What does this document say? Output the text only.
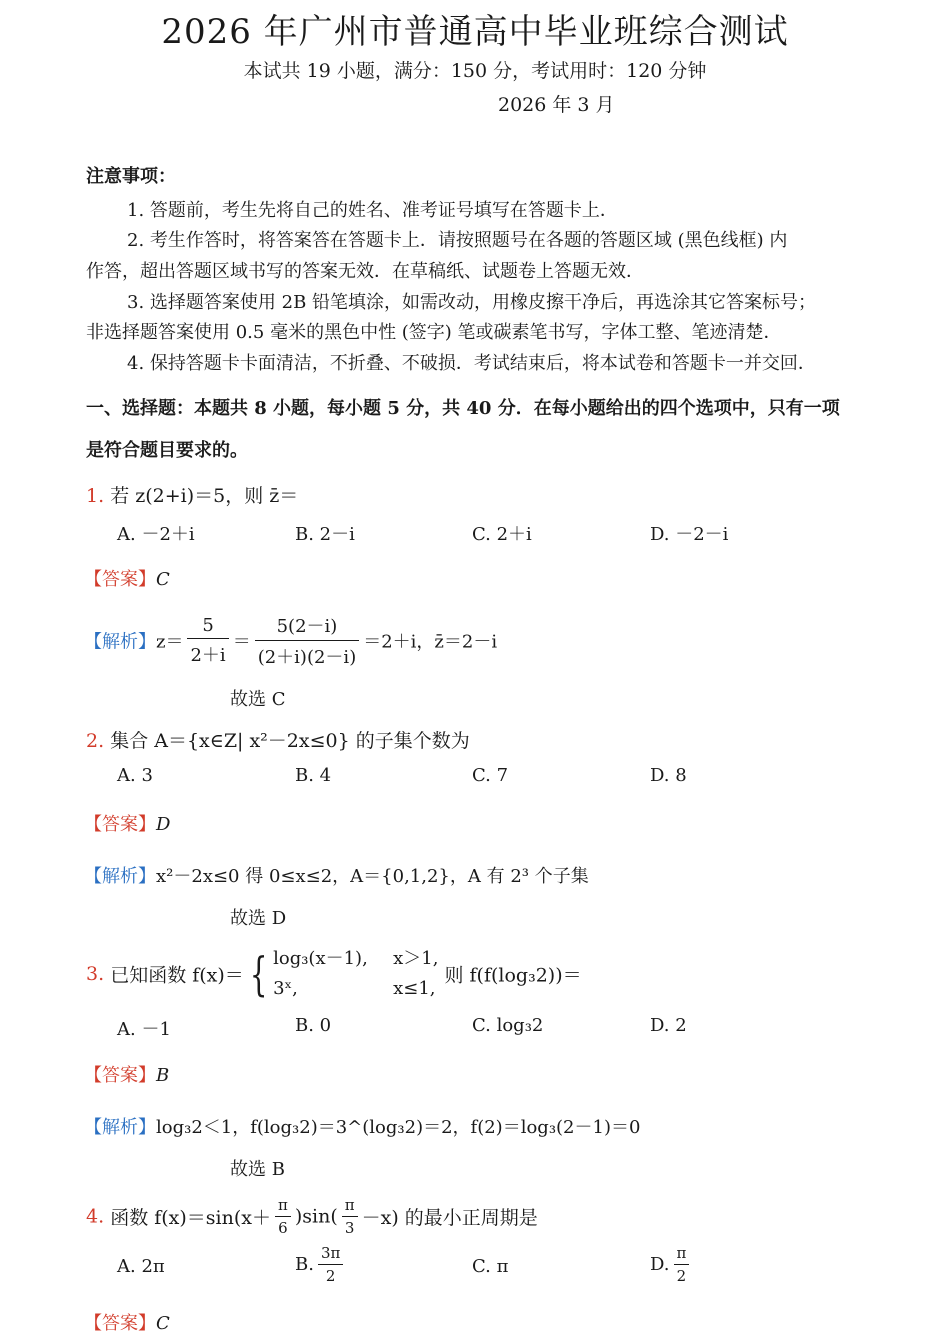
2026 年广州市普通高中毕业班综合测试
本试共 19 小题，满分：150 分，考试用时：120 分钟
2026 年 3 月
注意事项：
1. 答题前，考生先将自己的姓名、准考证号填写在答题卡上．
2. 考生作答时，将答案答在答题卡上．请按照题号在各题的答题区域 (黑色线框) 内
作答，超出答题区域书写的答案无效．在草稿纸、试题卷上答题无效．
3. 选择题答案使用 2B 铅笔填涂，如需改动，用橡皮擦干净后，再选涂其它答案标号；
非选择题答案使用 0.5 毫米的黑色中性 (签字) 笔或碳素笔书写，字体工整、笔迹清楚．
4. 保持答题卡卡面清洁，不折叠、不破损．考试结束后，将本试卷和答题卡一并交回．
一、选择题：本题共 8 小题，每小题 5 分，共 40 分．在每小题给出的四个选项中，只有一项
是符合题目要求的。
1. 若 z(2+i)＝5，则 z̄＝
A. －2＋i	B. 2－i	C. 2＋i	D. －2－i
【答案】C
【解析】$z= \frac{5}{2+i} = \frac{5(2-i)}{(2+i)(2-i)} =2+i$，z̄＝2－i
故选 C
2. 集合 A＝{x∈Z| x²－2x≤0} 的子集个数为
A. 3	B. 4	C. 7	D. 8
【答案】D
【解析】x²－2x≤0 得 0≤x≤2，A＝{0,1,2}，A 有 2³ 个子集
故选 D
3. 已知函数 f(x)＝ { log₃(x－1), x＞1,
3ˣ,	x≤1,
则 f(f(log₃2))＝
A. －1	B. 0	C. log₃2	D. 2
【答案】B
【解析】log₃2＜1，f(log₃2)＝3^(log₃2)＝2，f(2)＝log₃(2－1)＝0
故选 B
4. 函数 $f(x)=\sin(x+ \frac{\pi}{6} )\sin( \frac{\pi}{3} -x)$ 的最小正周期是
A. 2π	B. $\frac{3\pi}{2}$	C. π	D. $\frac{\pi}{2}$
【答案】C
